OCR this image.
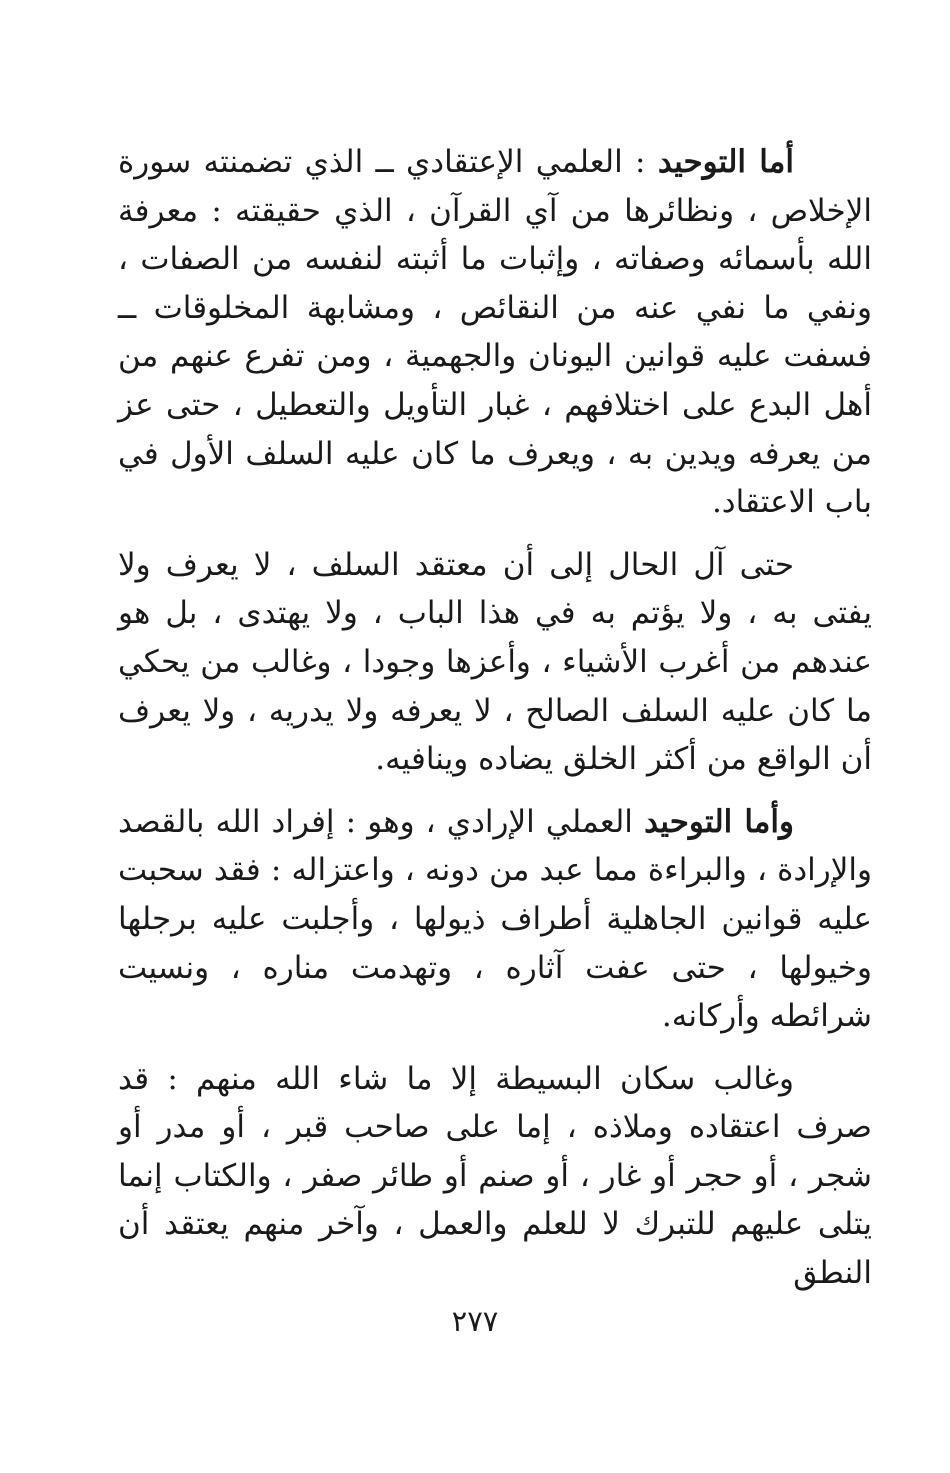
أما التوحيد : العلمي الإعتقادي ــ الذي تضمنته سورة الإخلاص ، ونظائرها من آي القرآن ، الذي حقيقته : معرفة الله بأسمائه وصفاته ، وإثبات ما أثبته لنفسه من الصفات ، ونفي ما نفي عنه من النقائص ، ومشابهة المخلوقات ــ فسفت عليه قوانين اليونان والجهمية ، ومن تفرع عنهم من أهل البدع على اختلافهم ، غبار التأويل والتعطيل ، حتى عز من يعرفه ويدين به ، ويعرف ما كان عليه السلف الأول في باب الاعتقاد.

حتى آل الحال إلى أن معتقد السلف ، لا يعرف ولا يفتى به ، ولا يؤتم به في هذا الباب ، ولا يهتدى ، بل هو عندهم من أغرب الأشياء ، وأعزها وجودا ، وغالب من يحكي ما كان عليه السلف الصالح ، لا يعرفه ولا يدريه ، ولا يعرف أن الواقع من أكثر الخلق يضاده وينافيه.

وأما التوحيد العملي الإرادي ، وهو : إفراد الله بالقصد والإرادة ، والبراءة مما عبد من دونه ، واعتزاله : فقد سحبت عليه قوانين الجاهلية أطراف ذيولها ، وأجلبت عليه برجلها وخيولها ، حتى عفت آثاره ، وتهدمت مناره ، ونسيت شرائطه وأركانه.

وغالب سكان البسيطة إلا ما شاء الله منهم : قد صرف اعتقاده وملاذه ، إما على صاحب قبر ، أو مدر أو شجر ، أو حجر أو غار ، أو صنم أو طائر صفر ، والكتاب إنما يتلى عليهم للتبرك لا للعلم والعمل ، وآخر منهم يعتقد أن النطق

٢٧٧
